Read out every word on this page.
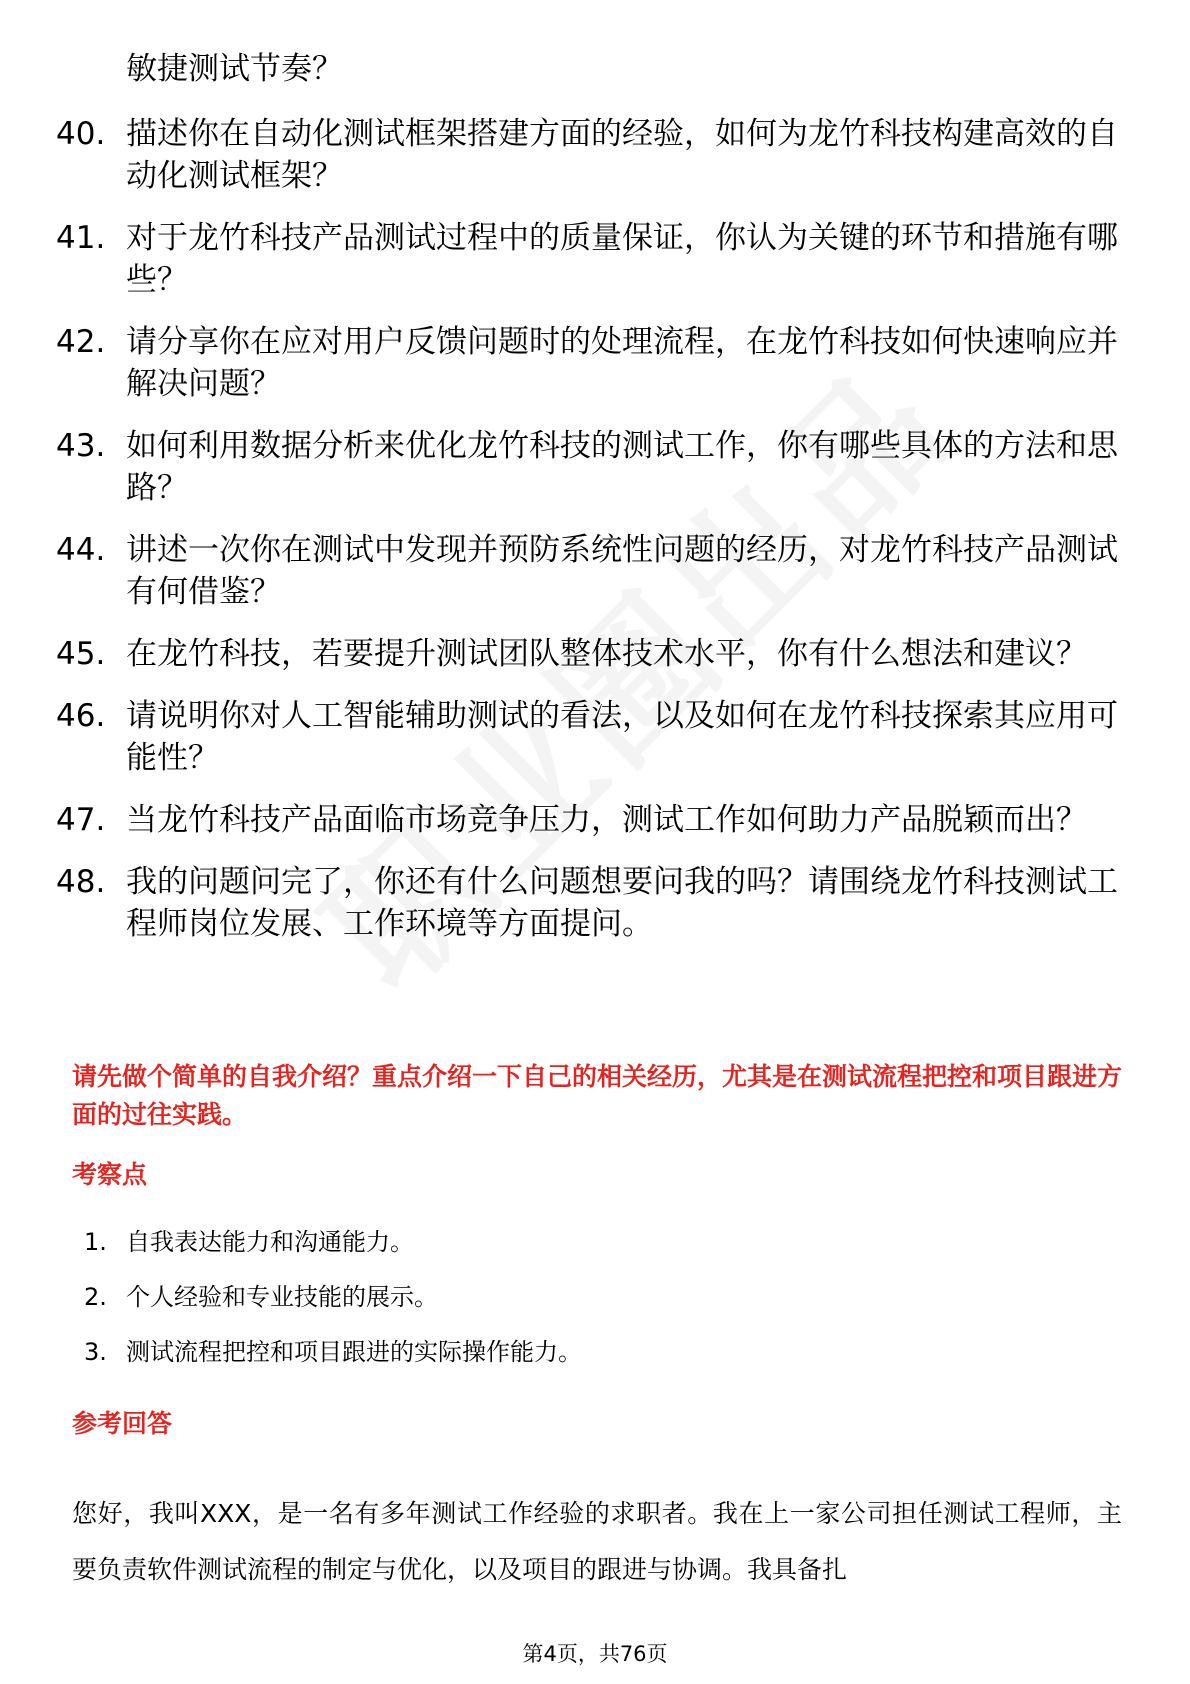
敏捷测试节奏？
40. 描述你在自动化测试框架搭建方面的经验，如何为龙竹科技构建高效的自动化测试框架？
41. 对于龙竹科技产品测试过程中的质量保证，你认为关键的环节和措施有哪些？
42. 请分享你在应对用户反馈问题时的处理流程，在龙竹科技如何快速响应并解决问题？
43. 如何利用数据分析来优化龙竹科技的测试工作，你有哪些具体的方法和思路？
44. 讲述一次你在测试中发现并预防系统性问题的经历，对龙竹科技产品测试有何借鉴？
45. 在龙竹科技，若要提升测试团队整体技术水平，你有什么想法和建议？
46. 请说明你对人工智能辅助测试的看法，以及如何在龙竹科技探索其应用可能性？
47. 当龙竹科技产品面临市场竞争压力，测试工作如何助力产品脱颖而出？
48. 我的问题问完了，你还有什么问题想要问我的吗？请围绕龙竹科技测试工程师岗位发展、工作环境等方面提问。
请先做个简单的自我介绍？重点介绍一下自己的相关经历，尤其是在测试流程把控和项目跟进方面的过往实践。
考察点
1. 自我表达能力和沟通能力。
2. 个人经验和专业技能的展示。
3. 测试流程把控和项目跟进的实际操作能力。
参考回答
您好，我叫XXX，是一名有多年测试工作经验的求职者。我在上一家公司担任测试工程师，主要负责软件测试流程的制定与优化，以及项目的跟进与协调。我具备扎
第4页，共76页
